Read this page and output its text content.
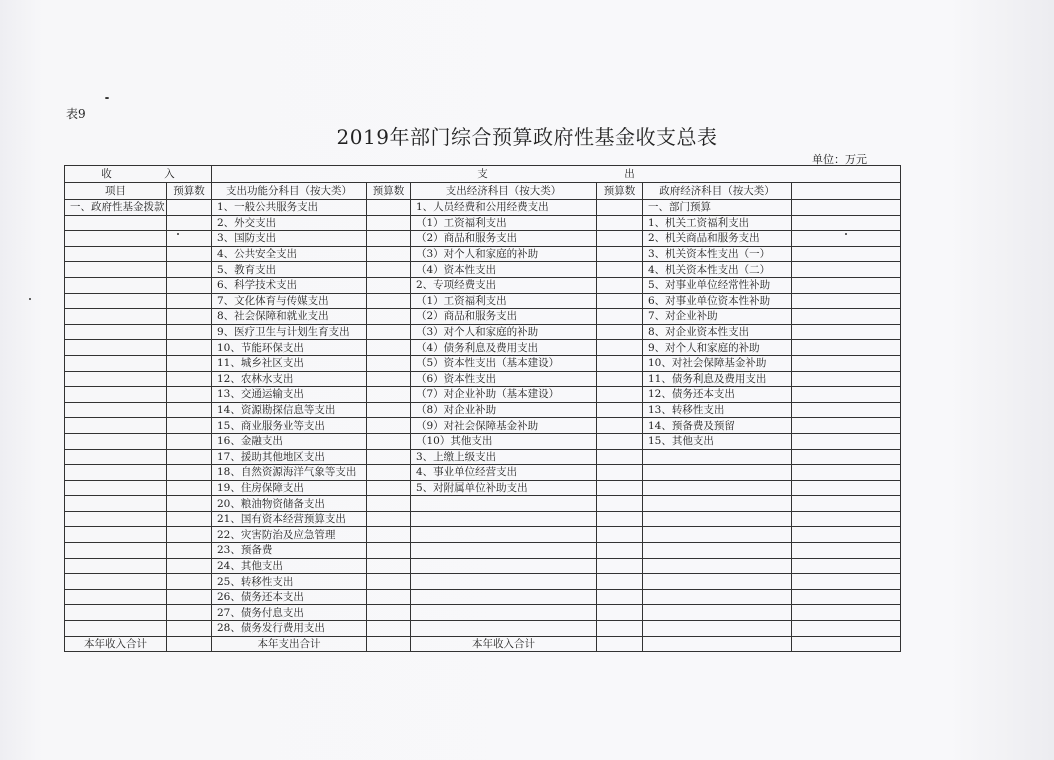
表9
2019年部门综合预算政府性基金收支总表
单位：万元
收　　　　　入		支　　　　　　　　　　　　　出					
项目	预算数	支出功能分科目（按大类）	预算数	支出经济科目（按大类）	预算数	政府经济科目（按大类）	
一、政府性基金拨款		1、一般公共服务支出		1、人员经费和公用经费支出		一、部门预算	
		2、外交支出		（1）工资福利支出		1、机关工资福利支出	
		3、国防支出		（2）商品和服务支出		2、机关商品和服务支出	
		4、公共安全支出		（3）对个人和家庭的补助		3、机关资本性支出（一）	
		5、教育支出		（4）资本性支出		4、机关资本性支出（二）	
		6、科学技术支出		2、专项经费支出		5、对事业单位经常性补助	
		7、文化体育与传媒支出		（1）工资福利支出		6、对事业单位资本性补助	
		8、社会保障和就业支出		（2）商品和服务支出		7、对企业补助	
		9、医疗卫生与计划生育支出		（3）对个人和家庭的补助		8、对企业资本性支出	
		10、节能环保支出		（4）债务利息及费用支出		9、对个人和家庭的补助	
		11、城乡社区支出		（5）资本性支出（基本建设）		10、对社会保障基金补助	
		12、农林水支出		（6）资本性支出		11、债务利息及费用支出	
		13、交通运输支出		（7）对企业补助（基本建设）		12、债务还本支出	
		14、资源勘探信息等支出		（8）对企业补助		13、转移性支出	
		15、商业服务业等支出		（9）对社会保障基金补助		14、预备费及预留	
		16、金融支出		（10）其他支出		15、其他支出	
		17、援助其他地区支出		3、上缴上级支出			
		18、自然资源海洋气象等支出		4、事业单位经营支出			
		19、住房保障支出		5、对附属单位补助支出			
		20、粮油物资储备支出					
		21、国有资本经营预算支出					
		22、灾害防治及应急管理					
		23、预备费					
		24、其他支出					
		25、转移性支出					
		26、债务还本支出					
		27、债务付息支出					
		28、债务发行费用支出					
本年收入合计		本年支出合计		本年收入合计			
